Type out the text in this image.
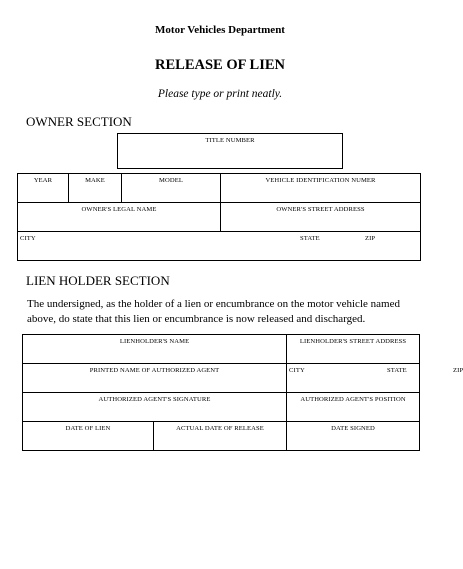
Motor Vehicles Department
RELEASE OF LIEN
Please type or print neatly.
OWNER SECTION
TITLE NUMBER
YEAR	MAKE	MODEL	VEHICLE IDENTIFICATION NUMER
OWNER'S LEGAL NAME			OWNER'S STREET ADDRESS

CITY STATE ZIP			
LIEN HOLDER SECTION
The undersigned, as the holder of a lien or encumbrance on the motor vehicle named above, do state that this lien or encumbrance is now released and discharged.
LIENHOLDER'S NAME		LIENHOLDER'S STREET ADDRESS
PRINTED NAME OF AUTHORIZED AGENT		CITY STATE ZIP

AUTHORIZED AGENT'S SIGNATURE		AUTHORIZED AGENT'S POSITION
DATE OF LIEN	ACTUAL DATE OF RELEASE	DATE SIGNED
